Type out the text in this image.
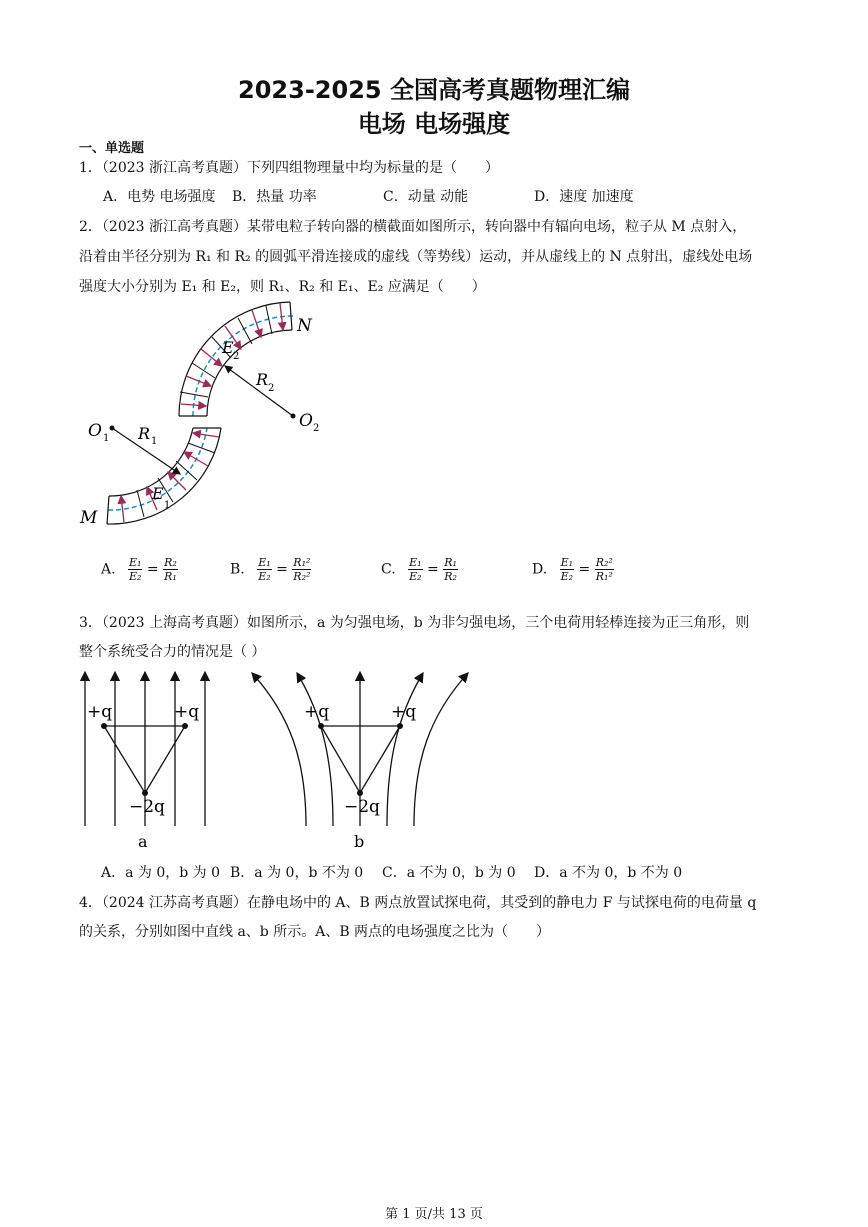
2023-2025 全国高考真题物理汇编
电场 电场强度
一、单选题
1．（2023 浙江高考真题）下列四组物理量中均为标量的是（　　）
A．电势 电场强度 B．热量 功率	C．动量 动能	D．速度 加速度
2．（2023 浙江高考真题）某带电粒子转向器的横截面如图所示，转向器中有辐向电场，粒子从 M 点射入，
沿着由半径分别为 R₁ 和 R₂ 的圆弧平滑连接成的虚线（等势线）运动，并从虚线上的 N 点射出，虚线处电场
强度大小分别为 E₁ 和 E₂，则 R₁、R₂ 和 E₁、E₂ 应满足（　　）
N
M
O 1
O 2
R 1
R 2
E 2
E
1
A. $\frac{\text{E₁}}{\text{E₂}} = \frac{\text{R₂}}{\text{R₁}}$	B. $\frac{\text{E₁}}{\text{E₂}} = \frac{\text{R₁²}}{\text{R₂²}}$	C. $\frac{\text{E₁}}{\text{E₂}} = \frac{\text{R₁}}{\text{R₂}}$	D. $\frac{\text{E₁}}{\text{E₂}} = \frac{\text{R₂²}}{\text{R₁²}}$
3．（2023 上海高考真题）如图所示，a 为匀强电场，b 为非匀强电场，三个电荷用轻棒连接为正三角形，则
整个系统受合力的情况是（ ）
+q	+q
−2q
a
+q	+q
−2q
b
A．a 为 0，b 为 0 B．a 为 0，b 不为 0 C．a 不为 0，b 为 0 D．a 不为 0，b 不为 0
4．（2024 江苏高考真题）在静电场中的 A、B 两点放置试探电荷，其受到的静电力 F 与试探电荷的电荷量 q
的关系，分别如图中直线 a、b 所示。A、B 两点的电场强度之比为（　　）
第 1 页/共 13 页
